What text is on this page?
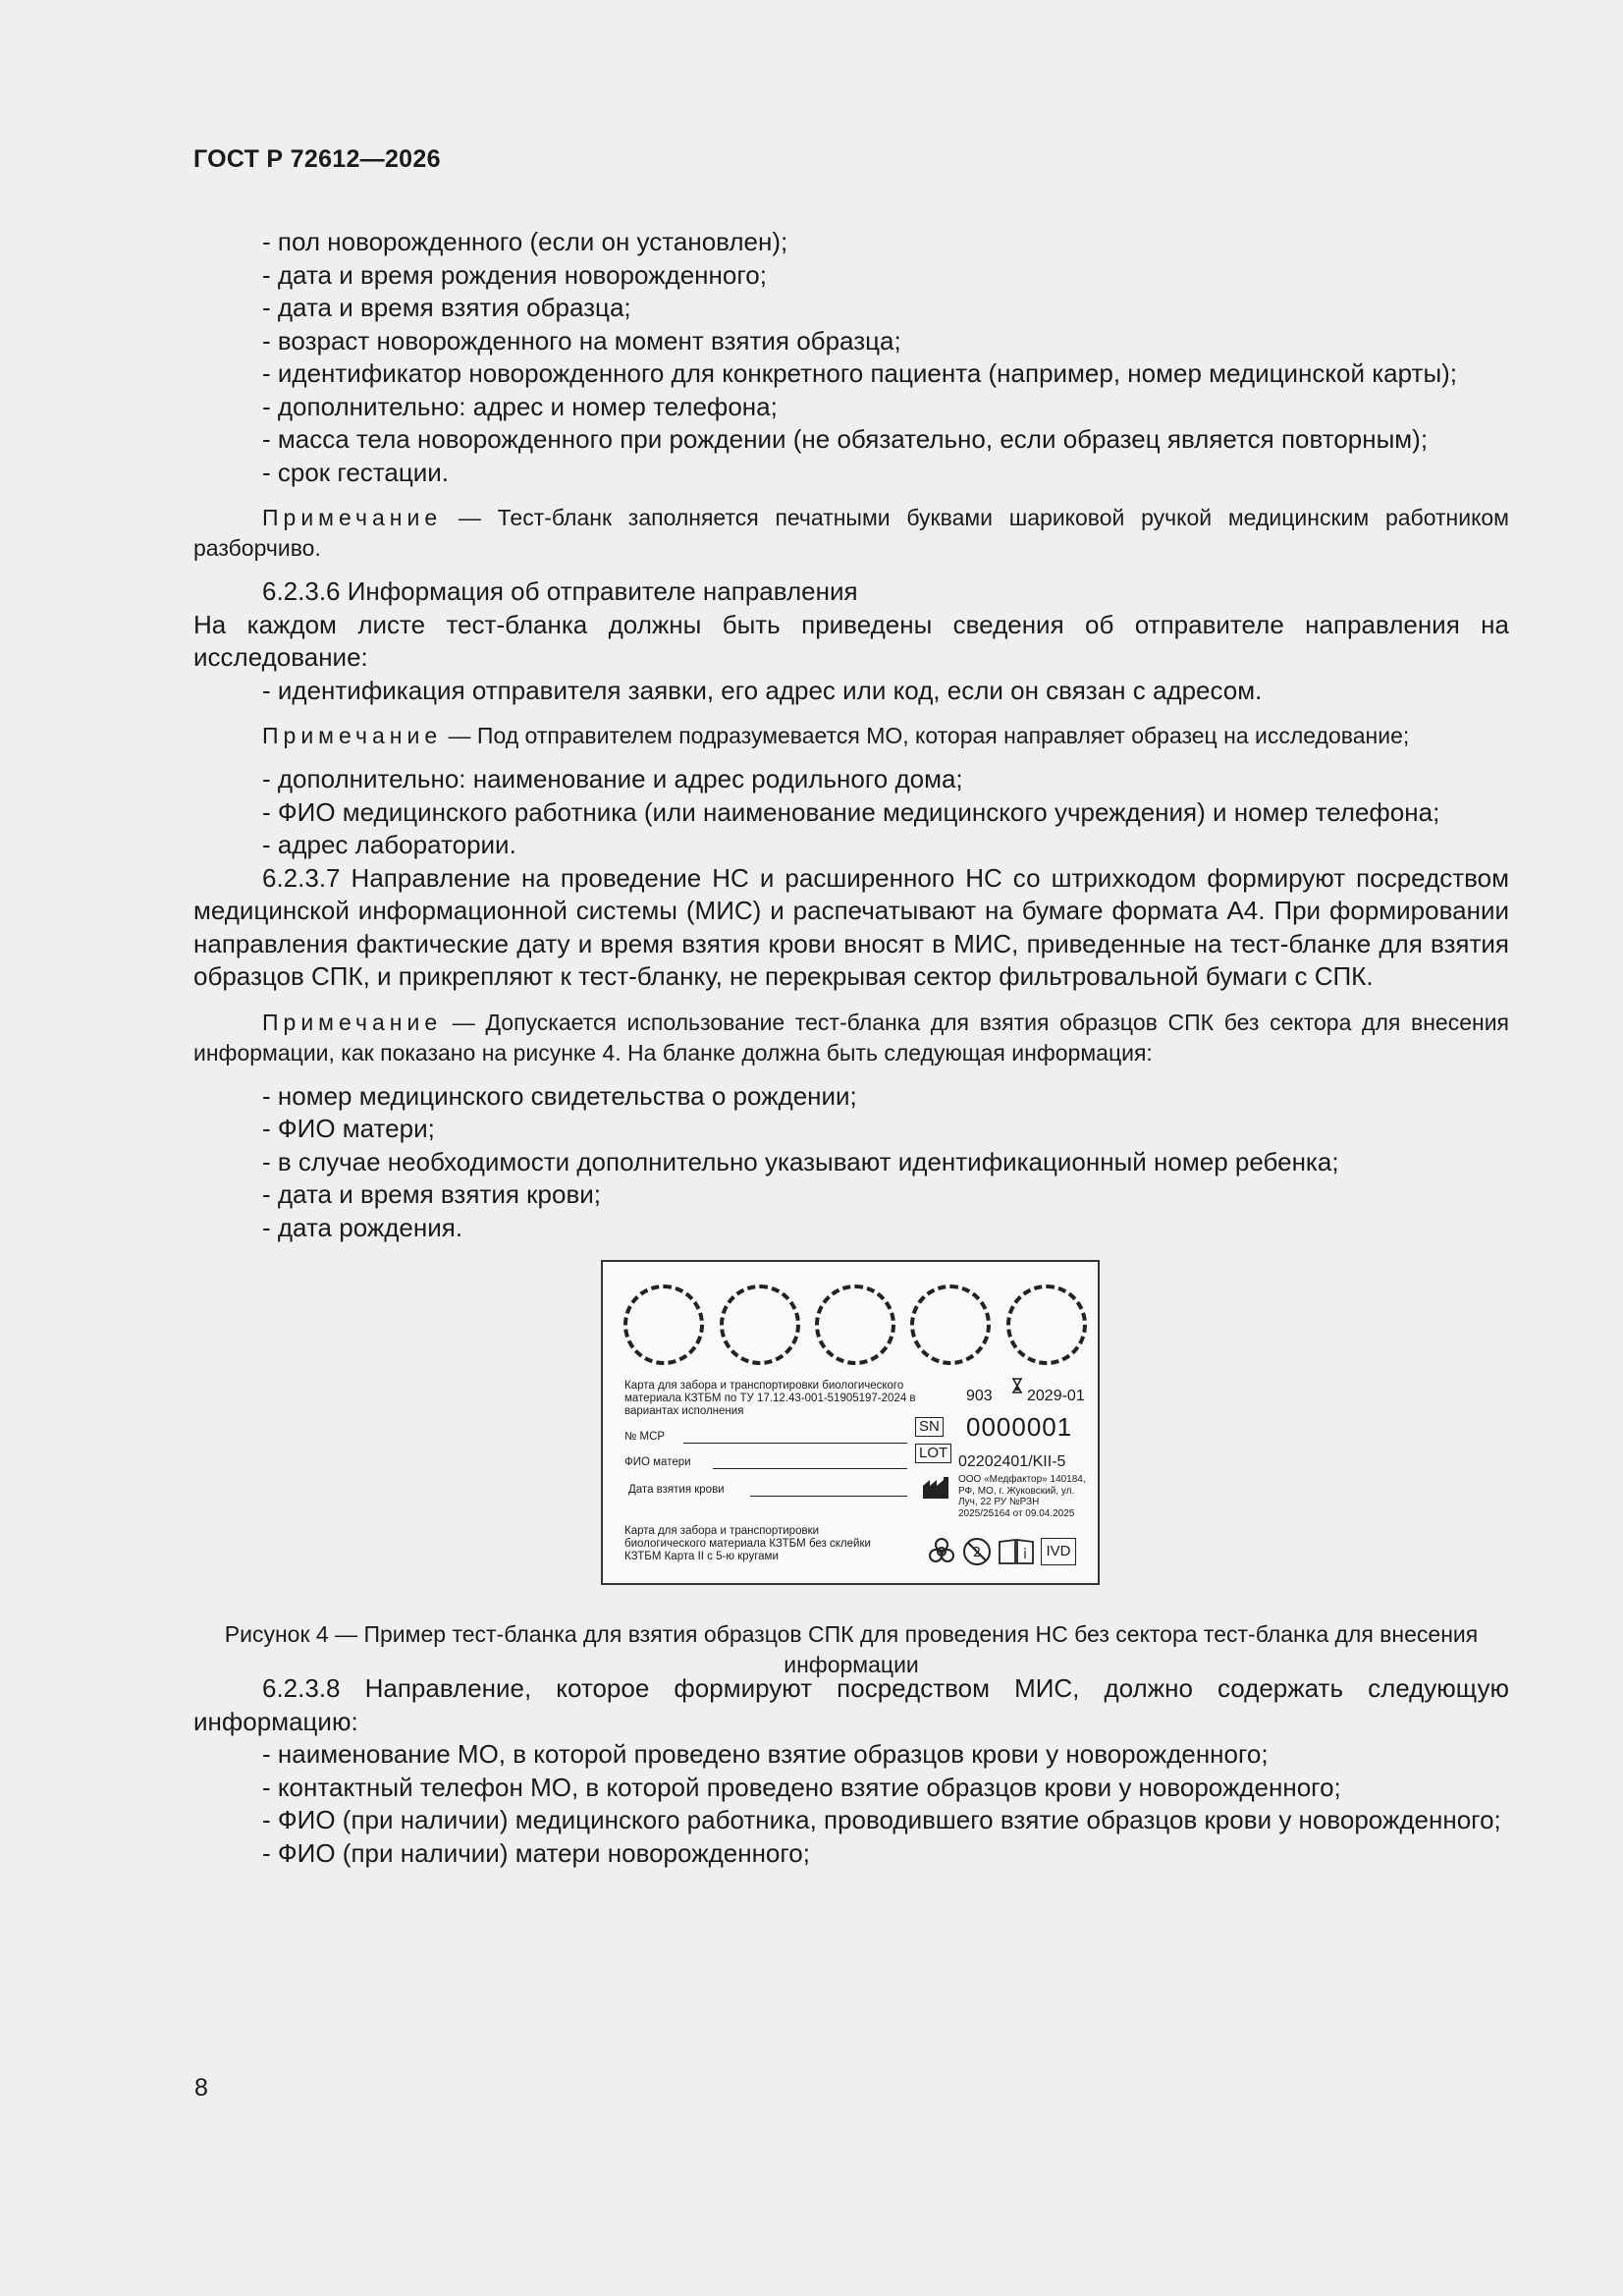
ГОСТ Р 72612—2026

- пол новорожденного (если он установлен);

- дата и время рождения новорожденного;

- дата и время взятия образца;

- возраст новорожденного на момент взятия образца;

- идентификатор новорожденного для конкретного пациента (например, номер медицинской карты);

- дополнительно: адрес и номер телефона;

- масса тела новорожденного при рождении (не обязательно, если образец является повторным);

- срок гестации.

Примечание — Тест-бланк заполняется печатными буквами шариковой ручкой медицинским работником разборчиво.

6.2.3.6 Информация об отправителе направления

На каждом листе тест-бланка должны быть приведены сведения об отправителе направления на исследование:

- идентификация отправителя заявки, его адрес или код, если он связан с адресом.

Примечание — Под отправителем подразумевается МО, которая направляет образец на исследование;

- дополнительно: наименование и адрес родильного дома;

- ФИО медицинского работника (или наименование медицинского учреждения) и номер телефона;

- адрес лаборатории.

6.2.3.7 Направление на проведение НС и расширенного НС со штрихкодом формируют посредством медицинской информационной системы (МИС) и распечатывают на бумаге формата А4. При формировании направления фактические дату и время взятия крови вносят в МИС, приведенные на тест-бланке для взятия образцов СПК, и прикрепляют к тест-бланку, не перекрывая сектор фильтровальной бумаги с СПК.

Примечание — Допускается использование тест-бланка для взятия образцов СПК без сектора для внесения информации, как показано на рисунке 4. На бланке должна быть следующая информация:

- номер медицинского свидетельства о рождении;

- ФИО матери;

- в случае необходимости дополнительно указывают идентификационный номер ребенка;

- дата и время взятия крови;

- дата рождения.

Карта для забора и транспортировки биологического материала КЗТБМ по ТУ 17.12.43-001-51905197-2024 в вариантах исполнения
903 2029-01
№ МСР
ФИО матери
Дата взятия крови
SN 0000001
LOT
02202401/KII-5
ООО «Медфактор» 140184, РФ, МО, г. Жуковский, ул. Луч, 22 РУ №РЗН 2025/25164 от 09.04.2025
Карта для забора и транспортировки биологического материала КЗТБМ без склейки КЗТБМ Карта II с 5-ю кругами	2	i	IVD
Рисунок 4 — Пример тест-бланка для взятия образцов СПК для проведения НС без сектора тест-бланка для внесения информации

6.2.3.8 Направление, которое формируют посредством МИС, должно содержать следующую информацию:

- наименование МО, в которой проведено взятие образцов крови у новорожденного;

- контактный телефон МО, в которой проведено взятие образцов крови у новорожденного;

- ФИО (при наличии) медицинского работника, проводившего взятие образцов крови у новорожденного;

- ФИО (при наличии) матери новорожденного;

8
